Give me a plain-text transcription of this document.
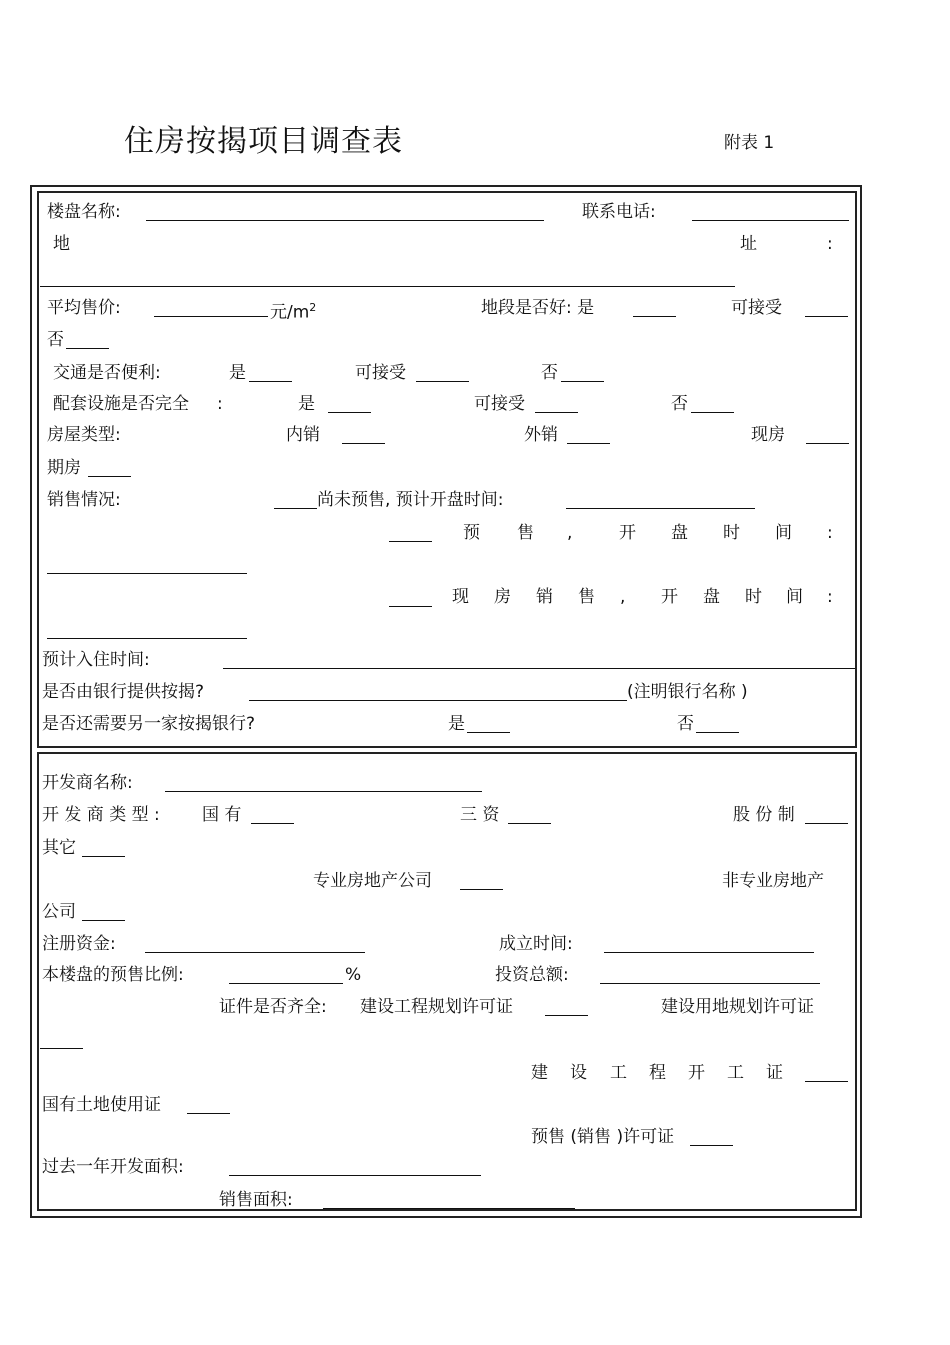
住房按揭项目调查表	附表 1
楼盘名称:	联系电话:
地	址	:
平均售价:	元$/m^2$	地段是否好: 是	可接受
否
交通是否便利:	是	可接受	否
配套设施是否完全 :	是	可接受	否
房屋类型:	内销	外销	现房
期房
销售情况:	尚未预售, 预计开盘时间:
预 售 ,	开 盘 时 间 :
现 房 销 售 , 开 盘 时 间 :
预计入住时间:
是否由银行提供按揭?	(注明银行名称 )
是否还需要另一家按揭银行?	是	否
开发商名称:
开 发 商 类 型 : 国 有	三 资	股 份 制
其它
专业房地产公司	非专业房地产
公司
注册资金:	成立时间:
本楼盘的预售比例:	%	投资总额:
证件是否齐全: 建设工程规划许可证	建设用地规划许可证
建 设 工 程 开 工 证
国有土地使用证
预售 (销售 )许可证
过去一年开发面积:
销售面积:
